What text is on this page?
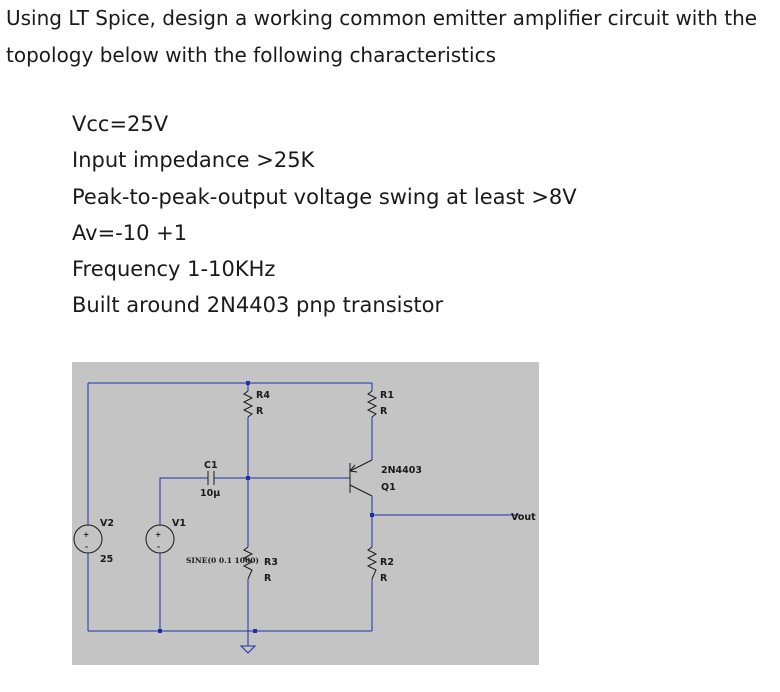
Using LT Spice, design a working common emitter amplifier circuit with the topology below with the following characteristics

Vcc=25V
Input impedance >25K
Peak-to-peak-output voltage swing at least >8V
Av=-10 +1
Frequency 1-10KHz
Built around 2N4403 pnp transistor
R4
R
R1
R
R3
R
R2
R
C1
10µ
2N4403
Q1
+
-
V2
25
+
-
V1
SINE(0 0.1 1000)
Vout
